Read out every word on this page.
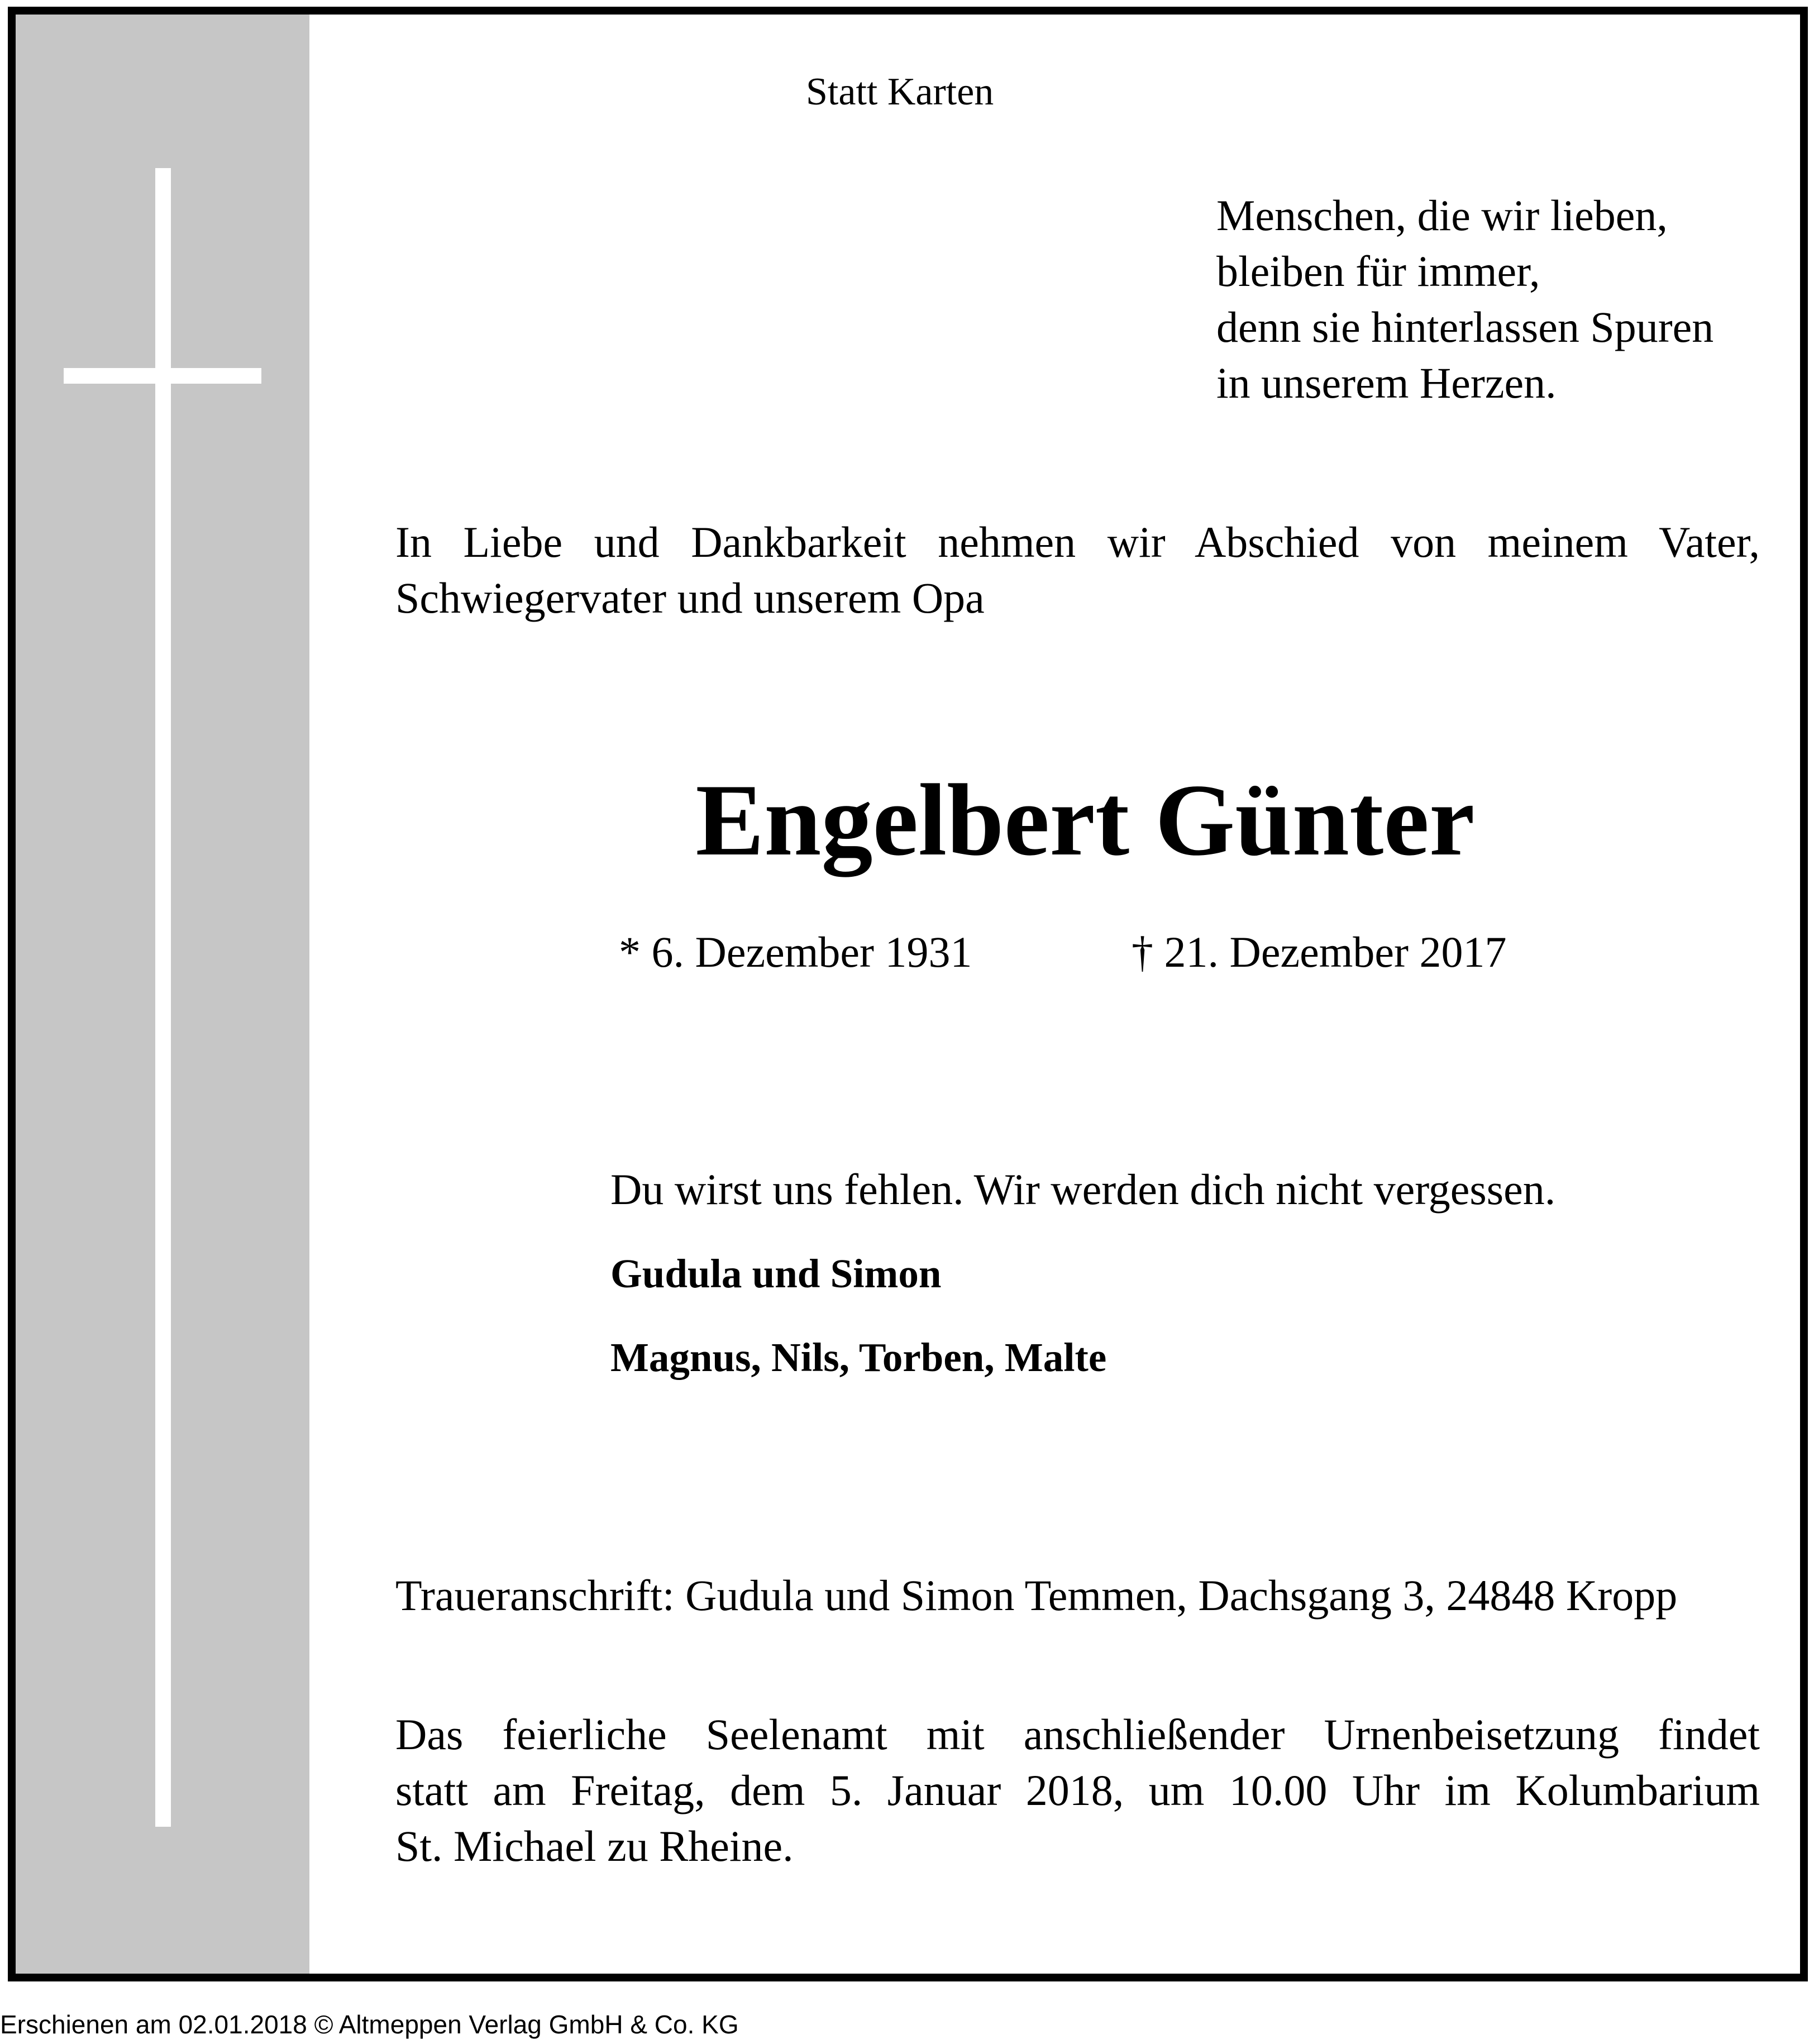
Statt Karten
Menschen, die wir lieben,
bleiben für immer,
denn sie hinterlassen Spuren
in unserem Herzen.
In Liebe und Dankbarkeit nehmen wir Abschied von meinem Vater,
Schwiegervater und unserem Opa
Engelbert Günter
* 6. Dezember 1931	† 21. Dezember 2017
Du wirst uns fehlen. Wir werden dich nicht vergessen.
Gudula und Simon
Magnus, Nils, Torben, Malte
Traueranschrift: Gudula und Simon Temmen, Dachsgang 3, 24848 Kropp
Das feierliche Seelenamt mit anschließender Urnenbeisetzung findet
statt am Freitag, dem 5. Januar 2018, um 10.00 Uhr im Kolumbarium
St. Michael zu Rheine.
Erschienen am 02.01.2018 © Altmeppen Verlag GmbH & Co. KG
